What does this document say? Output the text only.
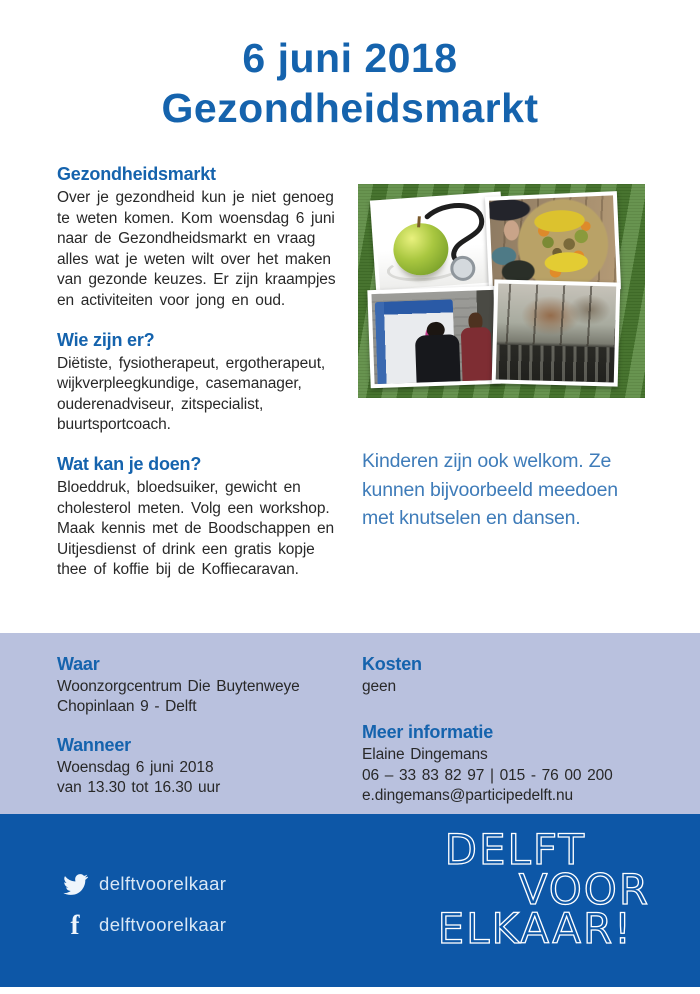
6 juni 2018
Gezondheidsmarkt
Gezondheidsmarkt
Over je gezondheid kun je niet genoeg
te weten komen. Kom woensdag 6 juni
naar de Gezondheidsmarkt en vraag
alles wat je weten wilt over het maken
van gezonde keuzes. Er zijn kraampjes
en activiteiten voor jong en oud.
Wie zijn er?
Diëtiste, fysiotherapeut, ergotherapeut,
wijkverpleegkundige, casemanager,
ouderenadviseur, zitspecialist,
buurtsportcoach.
Wat kan je doen?
Bloeddruk, bloedsuiker, gewicht en
cholesterol meten. Volg een workshop.
Maak kennis met de Boodschappen en
Uitjesdienst of drink een gratis kopje
thee of koffie bij de Koffiecaravan.
Kinderen zijn ook welkom. Ze
kunnen bijvoorbeeld meedoen
met knutselen en dansen.
Waar
Woonzorgcentrum Die Buytenweye
Chopinlaan 9 - Delft
Wanneer
Woensdag 6 juni 2018
van 13.30 tot 16.30 uur
Kosten
geen
Meer informatie
Elaine Dingemans
06 – 33 83 82 97 | 015 - 76 00 200
e.dingemans@participedelft.nu
delftvoorelkaar
f delftvoorelkaar
DELFT
VOOR
ELKAAR!
